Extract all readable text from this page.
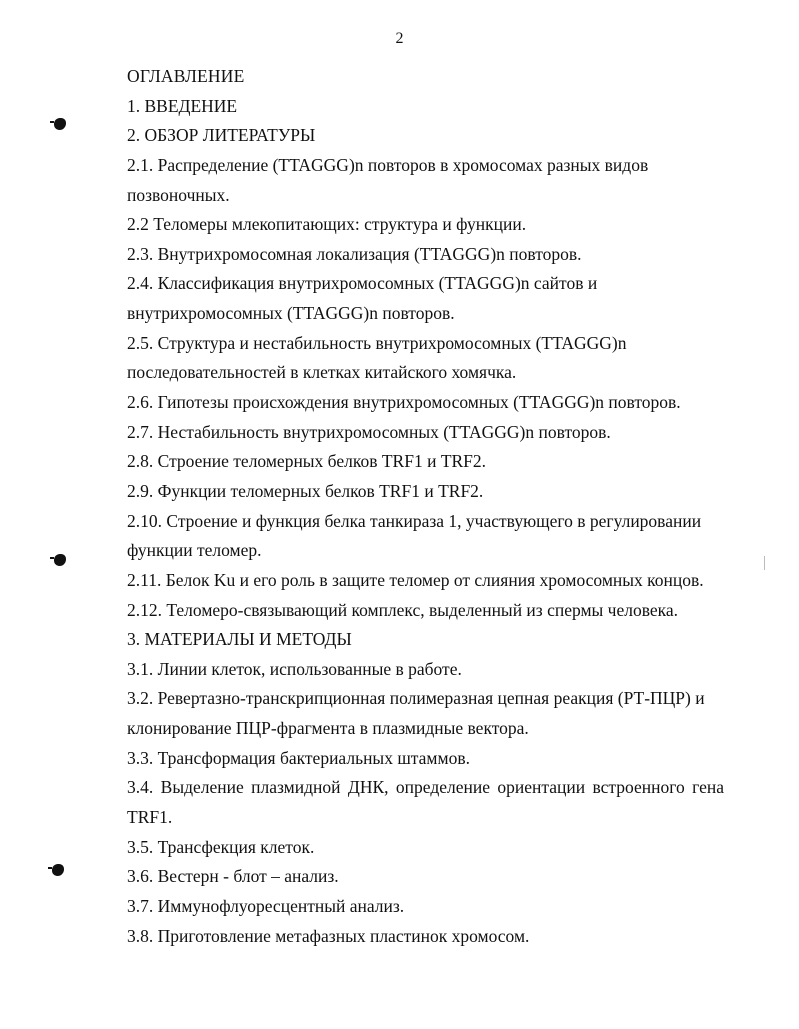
2
ОГЛАВЛЕНИЕ
1. ВВЕДЕНИЕ
2. ОБЗОР ЛИТЕРАТУРЫ
2.1. Распределение (TTAGGG)n повторов в хромосомах разных видов
позвоночных.
2.2 Теломеры млекопитающих: структура и функции.
2.3. Внутрихромосомная локализация (TTAGGG)n повторов.
2.4. Классификация внутрихромосомных (TTAGGG)n сайтов и
внутрихромосомных (TTAGGG)n повторов.
2.5. Структура и нестабильность внутрихромосомных (TTAGGG)n
последовательностей в клетках китайского хомячка.
2.6. Гипотезы происхождения внутрихромосомных (TTAGGG)n повторов.
2.7. Нестабильность внутрихромосомных (TTAGGG)n повторов.
2.8. Строение теломерных белков TRF1 и TRF2.
2.9. Функции теломерных белков TRF1 и TRF2.
2.10. Строение и функция белка танкираза 1, участвующего в регулировании
функции теломер.
2.11. Белок Ku и его роль в защите теломер от слияния хромосомных концов.
2.12. Теломеро-связывающий комплекс, выделенный из спермы человека.
3. МАТЕРИАЛЫ И МЕТОДЫ
3.1. Линии клеток, использованные в работе.
3.2. Ревертазно-транскрипционная полимеразная цепная реакция (РТ-ПЦР) и
клонирование ПЦР-фрагмента в плазмидные вектора.
3.3. Трансформация бактериальных штаммов.
3.4. Выделение плазмидной ДНК, определение ориентации встроенного гена
TRF1.
3.5. Трансфекция клеток.
3.6. Вестерн - блот – анализ.
3.7. Иммунофлуоресцентный анализ.
3.8. Приготовление метафазных пластинок хромосом.
